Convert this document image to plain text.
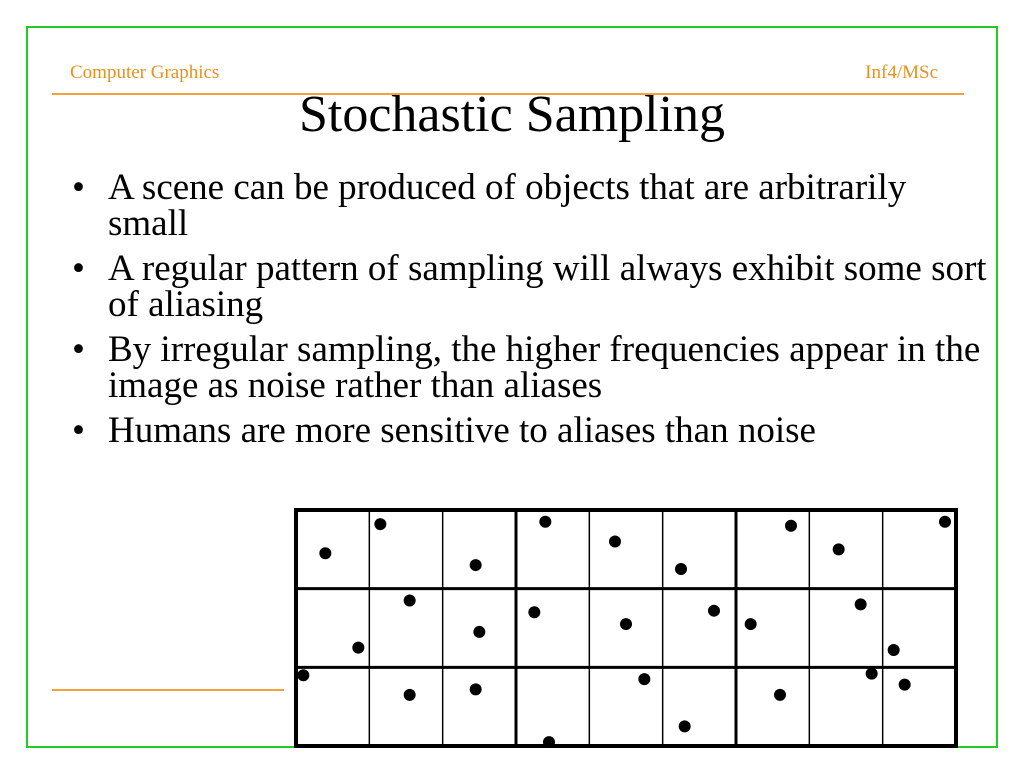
Computer Graphics	Inf4/MSc
Stochastic Sampling
• A scene can be produced of objects that are arbitrarily small
• A regular pattern of sampling will always exhibit some sort of aliasing
• By irregular sampling, the higher frequencies appear in the image as noise rather than aliases
• Humans are more sensitive to aliases than noise
